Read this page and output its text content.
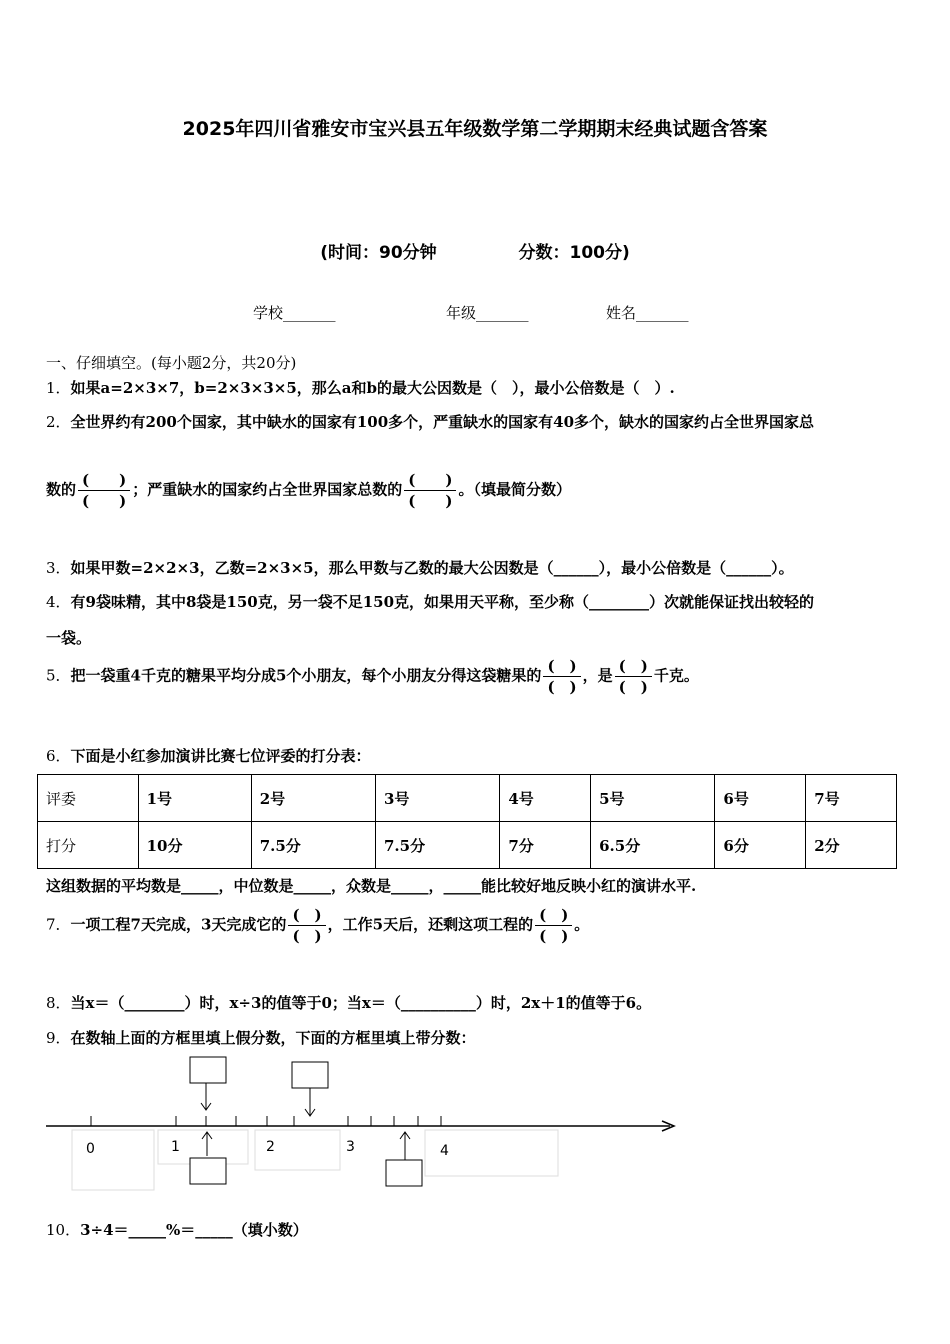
2025年四川省雅安市宝兴县五年级数学第二学期期末经典试题含答案
(时间：90分钟	分数：100分)
学校_______	年级_______	姓名_______
一、仔细填空。(每小题2分，共20分)
1．如果a=2×3×7，b=2×3×3×5，那么a和b的最大公因数是（　），最小公倍数是（　）.
2．全世界约有200个国家，其中缺水的国家有100多个，严重缺水的国家有40多个，缺水的国家约占全世界国家总
数的 $\frac{( )}{( )}$ ；严重缺水的国家约占全世界国家总数的 $\frac{( )}{( )}$ 。（填最简分数）
3．如果甲数=2×2×3，乙数=2×3×5，那么甲数与乙数的最大公因数是（______），最小公倍数是（______）。
4．有9袋味精，其中8袋是150克，另一袋不足150克，如果用天平称，至少称（________）次就能保证找出较轻的
一袋。
5．把一袋重4千克的糖果平均分成5个小朋友，每个小朋友分得这袋糖果的 $\frac{( )}{( )}$ ，是 $\frac{( )}{( )}$ 千克。
6．下面是小红参加演讲比赛七位评委的打分表：
评委	1号	2号	3号	4号	5号	6号	7号
打分	10分	7.5分	7.5分	7分	6.5分	6分	2分
这组数据的平均数是_____，中位数是_____，众数是_____，_____能比较好地反映小红的演讲水平.
7．一项工程7天完成，3天完成它的 $\frac{( )}{( )}$ ，工作5天后，还剩这项工程的 $\frac{( )}{( )}$ 。
8．当x＝（________）时，x÷3的值等于0；当x＝（__________）时，2x＋1的值等于6。
9．在数轴上面的方框里填上假分数，下面的方框里填上带分数：
0	1	2	3	4
10．3÷4＝_____%＝_____（填小数）
